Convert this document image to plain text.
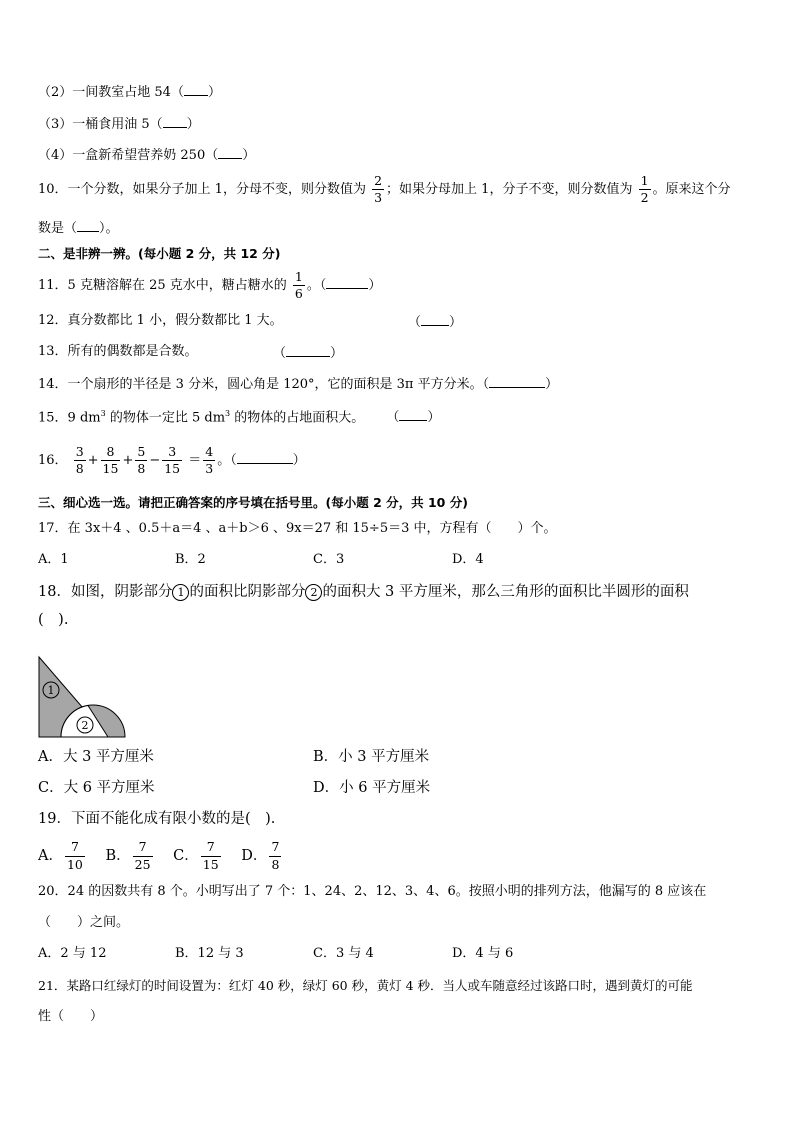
（2）一间教室占地 54（ ）
（3）一桶食用油 5（ ）
（4）一盒新希望营养奶 250（ ）
10．一个分数，如果分子加上 1，分母不变，则分数值为 $\frac{2}{3}$ ；如果分母加上 1，分子不变，则分数值为 $\frac{1}{2}$ 。原来这个分
数是（ ）。
二、是非辨一辨。(每小题 2 分，共 12 分)
11．5 克糖溶解在 25 克水中，糖占糖水的 $\frac{1}{6}$ 。（	）
12．真分数都比 1 小，假分数都比 1 大。	（ ）
13．所有的偶数都是合数。	（	）
14．一个扇形的半径是 3 分米，圆心角是 120°，它的面积是 3π 平方分米。（	）
15．9 $dm^3$ 的物体一定比 5 $dm^3$ 的物体的占地面积大。 （ ）
16． $\frac{3}{8} + \frac{8}{15} + \frac{5}{8} - \frac{3}{15} = \frac{4}{3}$ 。（	）
三、细心选一选。请把正确答案的序号填在括号里。(每小题 2 分，共 10 分)
17．在 3x＋4 、0.5＋a＝4 、a＋b＞6 、9x＝27 和 15÷5＝3 中，方程有（　　）个。
A．1	B．2	C．3	D．4
18．如图，阴影部分 1 的面积比阴影部分 2 的面积大 3 平方厘米，那么三角形的面积比半圆形的面积
(　).
1
2
A．大 3 平方厘米	B．小 3 平方厘米
C．大 6 平方厘米	D．小 6 平方厘米
19．下面不能化成有限小数的是(　).
A． $\frac{7}{10}$ B． $\frac{7}{25}$ C． $\frac{7}{15}$ D． $\frac{7}{8}$
20．24 的因数共有 8 个。小明写出了 7 个：1、24、2、12、3、4、6。按照小明的排列方法，他漏写的 8 应该在
（　　）之间。
A．2 与 12	B．12 与 3	C．3 与 4	D．4 与 6
21．某路口红绿灯的时间设置为：红灯 40 秒，绿灯 60 秒，黄灯 4 秒．当人或车随意经过该路口时，遇到黄灯的可能
性（　　）
